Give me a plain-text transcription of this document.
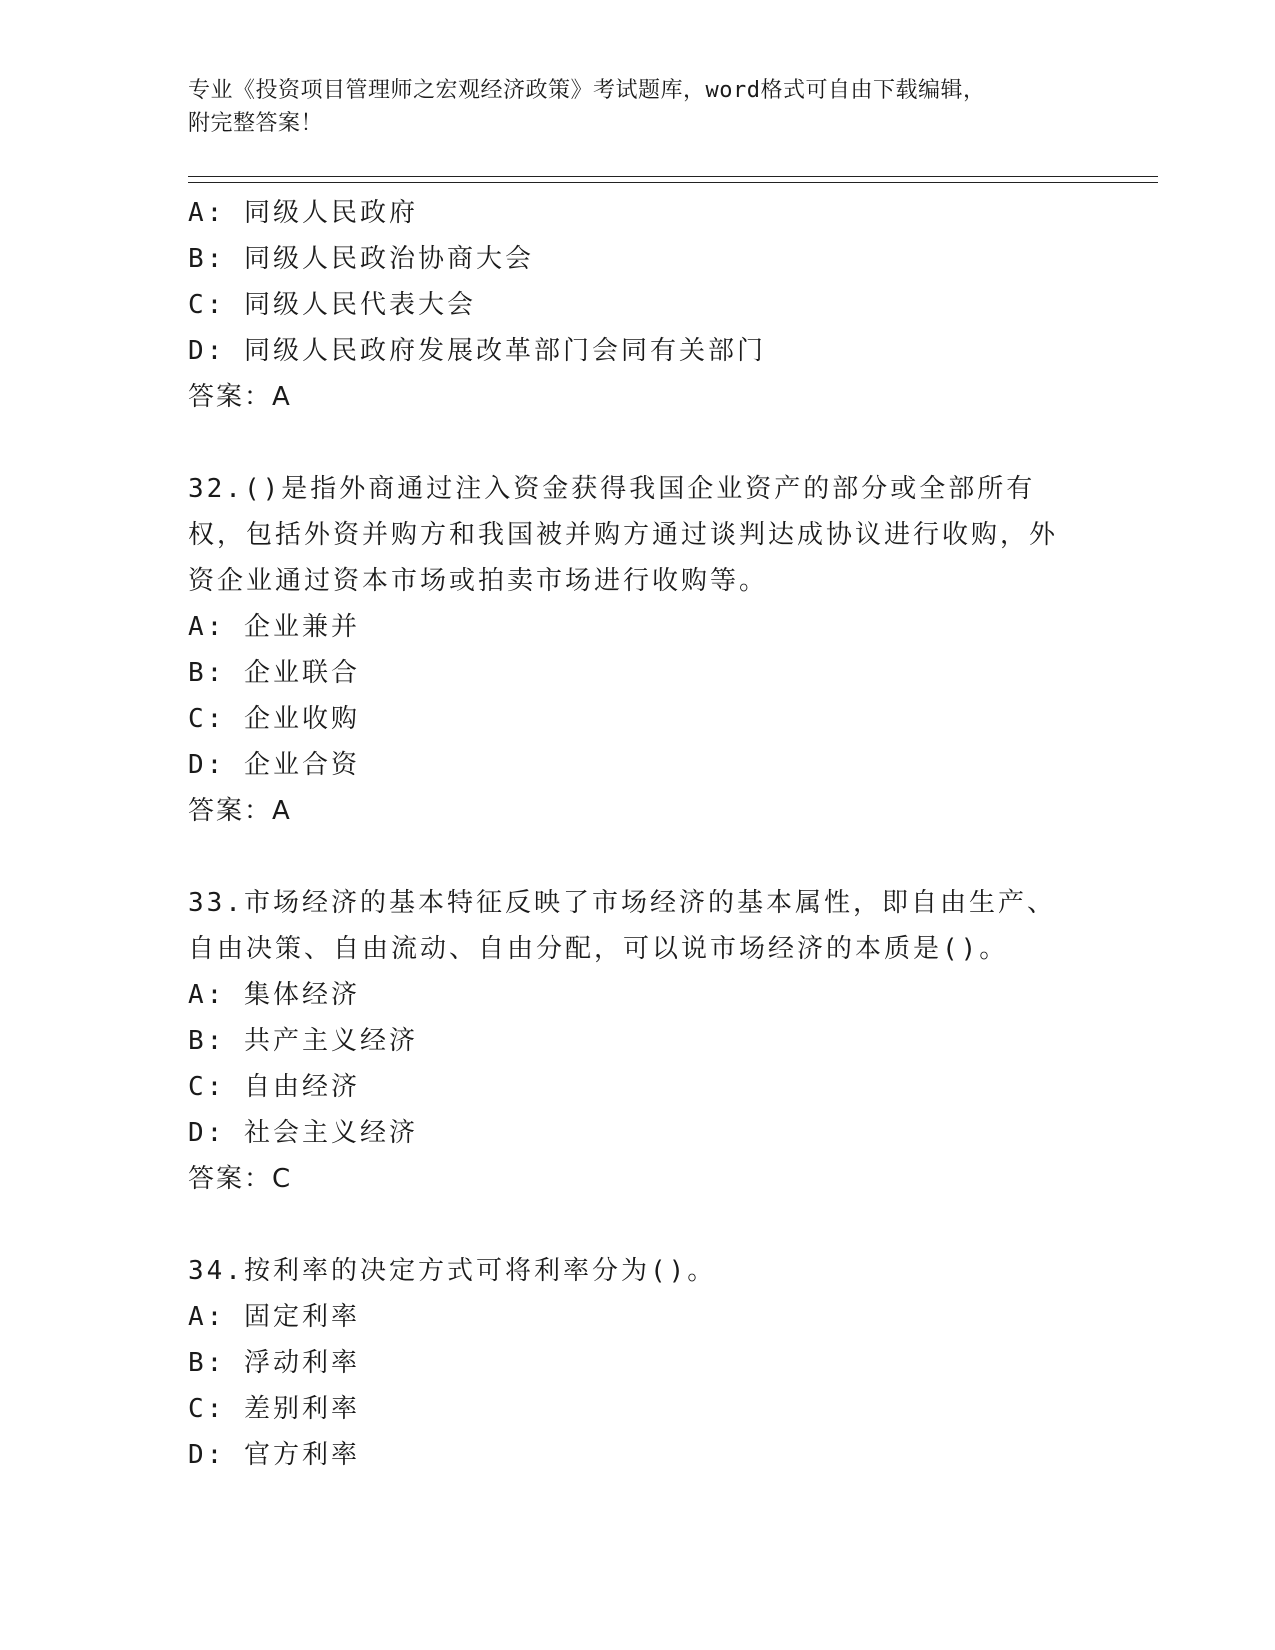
专业《投资项目管理师之宏观经济政策》考试题库，word格式可自由下载编辑，
附完整答案！
A: 同级人民政府
B: 同级人民政治协商大会
C: 同级人民代表大会
D: 同级人民政府发展改革部门会同有关部门
答案：A
32.()是指外商通过注入资金获得我国企业资产的部分或全部所有权，包括外资并购方和我国被并购方通过谈判达成协议进行收购，外资企业通过资本市场或拍卖市场进行收购等。
A: 企业兼并
B: 企业联合
C: 企业收购
D: 企业合资
答案：A
33.市场经济的基本特征反映了市场经济的基本属性，即自由生产、自由决策、自由流动、自由分配，可以说市场经济的本质是()。
A: 集体经济
B: 共产主义经济
C: 自由经济
D: 社会主义经济
答案：C
34.按利率的决定方式可将利率分为()。
A: 固定利率
B: 浮动利率
C: 差别利率
D: 官方利率
